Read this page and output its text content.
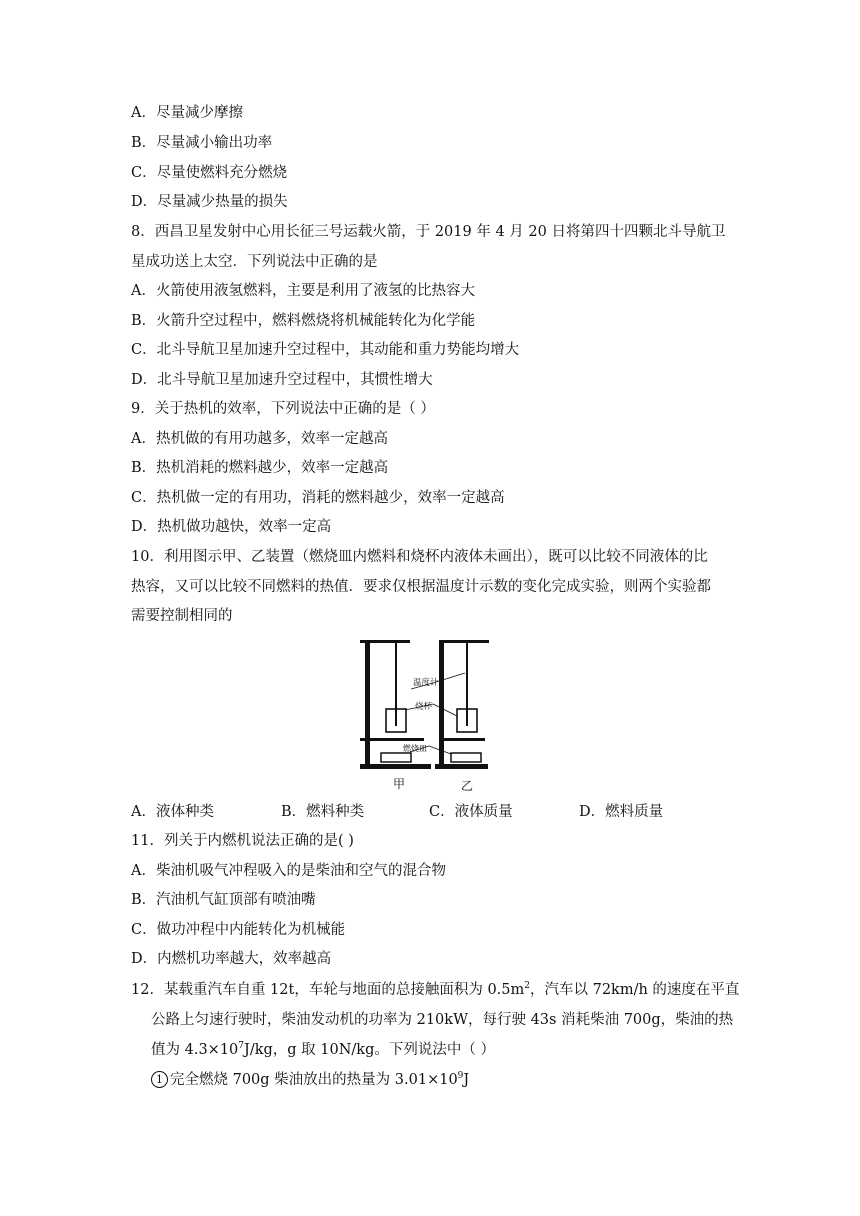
A．尽量减少摩擦
B．尽量减小输出功率
C．尽量使燃料充分燃烧
D．尽量减少热量的损失
8．西昌卫星发射中心用长征三号运载火箭，于 2019 年 4 月 20 日将第四十四颗北斗导航卫
星成功送上太空．下列说法中正确的是
A．火箭使用液氢燃料，主要是利用了液氢的比热容大
B．火箭升空过程中，燃料燃烧将机械能转化为化学能
C．北斗导航卫星加速升空过程中，其动能和重力势能均增大
D．北斗导航卫星加速升空过程中，其惯性增大
9．关于热机的效率，下列说法中正确的是（ ）
A．热机做的有用功越多，效率一定越高
B．热机消耗的燃料越少，效率一定越高
C．热机做一定的有用功，消耗的燃料越少，效率一定越高
D．热机做功越快，效率一定高
10．利用图示甲、乙装置（燃烧皿内燃料和烧杯内液体未画出），既可以比较不同液体的比
热容，又可以比较不同燃料的热值．要求仅根据温度计示数的变化完成实验，则两个实验都
需要控制相同的
温度计
烧杯
燃烧皿
甲	乙
A．液体种类	B．燃料种类	C．液体质量	D．燃料质量
11．列关于内燃机说法正确的是( )
A．柴油机吸气冲程吸入的是柴油和空气的混合物
B．汽油机气缸顶部有喷油嘴
C．做功冲程中内能转化为机械能
D．内燃机功率越大，效率越高
12．某载重汽车自重 12t，车轮与地面的总接触面积为 $0.5m^2$，汽车以 72km/h 的速度在平直
公路上匀速行驶时，柴油发动机的功率为 210kW，每行驶 43s 消耗柴油 700g，柴油的热
值为 $4.3\times 10^7J/kg$，g 取 10N/kg。下列说法中（ ）
1 完全燃烧 700g 柴油放出的热量为 $3.01\times 10^9J$
